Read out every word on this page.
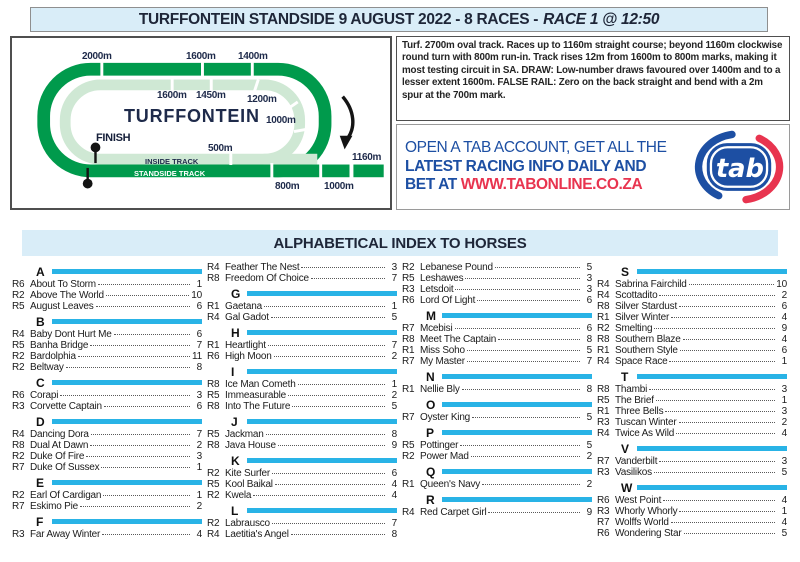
TURFFONTEIN STANDSIDE 9 AUGUST 2022 - 8 RACES - RACE 1 @ 12:50
TURFFONTEIN
FINISH
INSIDE TRACK
STANDSIDE TRACK
2000m	1600m 1400m
1600m 1450m 1200m
1000m
500m
1160m
800m 1000m

Turf. 2700m oval track. Races up to 1160m straight course; beyond 1160m clockwise round turn with 800m run-in. Track rises 12m from 1600m to 800m marks, making it most testing circuit in SA. DRAW: Low-number draws favoured over 1400m and to a lesser extent 1600m. FALSE RAIL: Zero on the back straight and bend with a 2m spur at the 700m mark.

OPEN A TAB ACCOUNT, GET ALL THE
LATEST RACING INFO DAILY AND
BET AT WWW.TABONLINE.CO.ZA
tab
ALPHABETICAL INDEX TO HORSES
A
R6 About To Storm	1
R2 Above The World	10
R5 August Leaves	6
B
R4 Baby Dont Hurt Me	6
R5 Banha Bridge	7
R2 Bardolphia	11
R2 Beltway	8
C
R6 Corapi	3
R3 Corvette Captain	6
D
R4 Dancing Dora	7
R8 Dual At Dawn	2
R2 Duke Of Fire	3
R7 Duke Of Sussex	1
E
R2 Earl Of Cardigan	1
R7 Eskimo Pie	2
F
R3 Far Away Winter	4
R4 Feather The Nest	3
R8 Freedom Of Choice	7
G
R1 Gaetana	1
R4 Gal Gadot	5
H
R1 Heartlight	7
R6 High Moon	2
I
R8 Ice Man Cometh	1
R5 Immeasurable	2
R8 Into The Future	5
J
R5 Jackman	8
R8 Java House	9
K
R2 Kite Surfer	6
R5 Kool Baikal	4
R2 Kwela	4
L
R2 Labrausco	7
R4 Laetitia's Angel	8
R2 Lebanese Pound	5
R5 Leshawes	3
R3 Letsdoit	3
R6 Lord Of Light	6
M
R7 Mcebisi	6
R8 Meet The Captain	8
R1 Miss Soho	5
R7 My Master	7
N
R1 Nellie Bly	8
O
R7 Oyster King	5
P
R5 Pottinger	5
R2 Power Mad	2
Q
R1 Queen's Navy	2
R
R4 Red Carpet Girl	9
S
R4 Sabrina Fairchild	10
R4 Scottadito	2
R8 Silver Stardust	6
R1 Silver Winter	4
R2 Smelting	9
R8 Southern Blaze	4
R1 Southern Style	6
R4 Space Race	1
T
R8 Thambi	3
R5 The Brief	1
R1 Three Bells	3
R3 Tuscan Winter	2
R4 Twice As Wild	4
V
R7 Vanderbilt	3
R3 Vasilikos	5
W
R6 West Point	4
R3 Whorly Whorly	1
R7 Wolffs World	4
R6 Wondering Star	5
